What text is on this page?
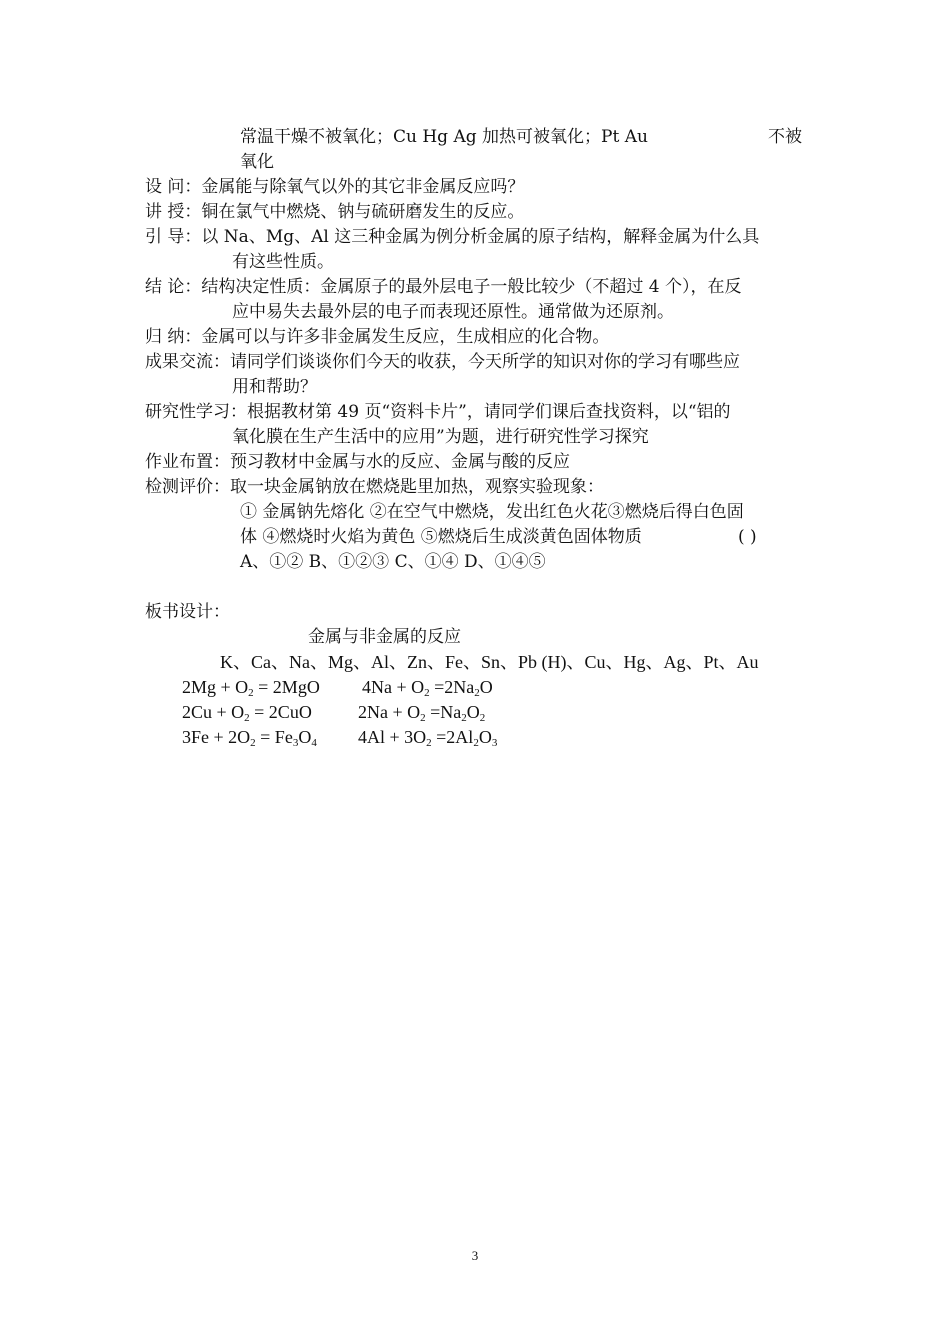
常温干燥不被氧化；Cu Hg Ag 加热可被氧化；Pt Au	不被
氧化
设 问：金属能与除氧气以外的其它非金属反应吗？
讲 授：铜在氯气中燃烧、钠与硫研磨发生的反应。
引 导：以 Na、Mg、Al 这三种金属为例分析金属的原子结构，解释金属为什么具
有这些性质。
结 论：结构决定性质：金属原子的最外层电子一般比较少（不超过 4 个），在反
应中易失去最外层的电子而表现还原性。通常做为还原剂。
归 纳：金属可以与许多非金属发生反应，生成相应的化合物。
成果交流：请同学们谈谈你们今天的收获，今天所学的知识对你的学习有哪些应
用和帮助？
研究性学习：根据教材第 49 页“资料卡片”，请同学们课后查找资料，以“铝的
氧化膜在生产生活中的应用”为题，进行研究性学习探究
作业布置：预习教材中金属与水的反应、金属与酸的反应
检测评价：取一块金属钠放在燃烧匙里加热，观察实验现象：
① 金属钠先熔化 ②在空气中燃烧，发出红色火花③燃烧后得白色固
体 ④燃烧时火焰为黄色 ⑤燃烧后生成淡黄色固体物质	( )
A、①② B、①②③ C、①④ D、①④⑤
板书设计：
金属与非金属的反应
K、Ca、Na、Mg、Al、Zn、Fe、Sn、Pb (H)、Cu、Hg、Ag、Pt、Au
$2Mg + O_2 = 2MgO$ $4Na + O_2 =2Na_2O$
$2Cu + O_2 = 2CuO$	$2Na + O_2 =Na_2O_2$
$3Fe + 2O_2 = Fe_3O_4$ $4Al + 3O_2 =2Al_2O_3$
3
